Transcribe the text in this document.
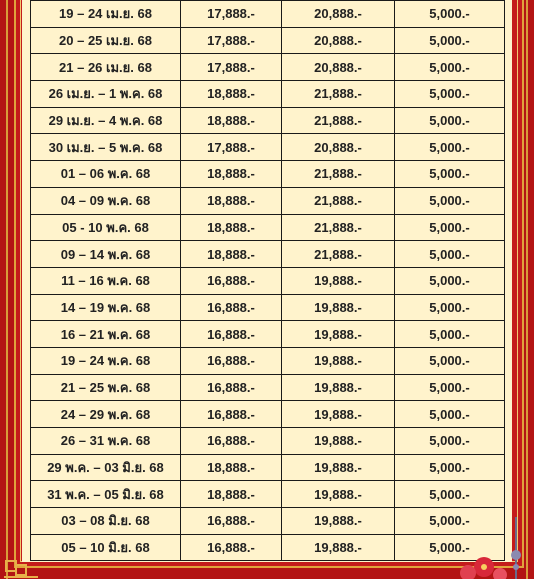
19 – 24 เม.ย. 68	17,888.-	20,888.-	5,000.-
20 – 25 เม.ย. 68	17,888.-	20,888.-	5,000.-
21 – 26 เม.ย. 68	17,888.-	20,888.-	5,000.-
26 เม.ย. – 1 พ.ค. 68	18,888.-	21,888.-	5,000.-
29 เม.ย. – 4 พ.ค. 68	18,888.-	21,888.-	5,000.-
30 เม.ย. – 5 พ.ค. 68	17,888.-	20,888.-	5,000.-
01 – 06 พ.ค. 68	18,888.-	21,888.-	5,000.-
04 – 09 พ.ค. 68	18,888.-	21,888.-	5,000.-
05 - 10 พ.ค. 68	18,888.-	21,888.-	5,000.-
09 – 14 พ.ค. 68	18,888.-	21,888.-	5,000.-
11 – 16 พ.ค. 68	16,888.-	19,888.-	5,000.-
14 – 19 พ.ค. 68	16,888.-	19,888.-	5,000.-
16 – 21 พ.ค. 68	16,888.-	19,888.-	5,000.-
19 – 24 พ.ค. 68	16,888.-	19,888.-	5,000.-
21 – 25 พ.ค. 68	16,888.-	19,888.-	5,000.-
24 – 29 พ.ค. 68	16,888.-	19,888.-	5,000.-
26 – 31 พ.ค. 68	16,888.-	19,888.-	5,000.-
29 พ.ค. – 03 มิ.ย. 68	18,888.-	19,888.-	5,000.-
31 พ.ค. – 05 มิ.ย. 68	18,888.-	19,888.-	5,000.-
03 – 08 มิ.ย. 68	16,888.-	19,888.-	5,000.-
05 – 10 มิ.ย. 68	16,888.-	19,888.-	5,000.-
